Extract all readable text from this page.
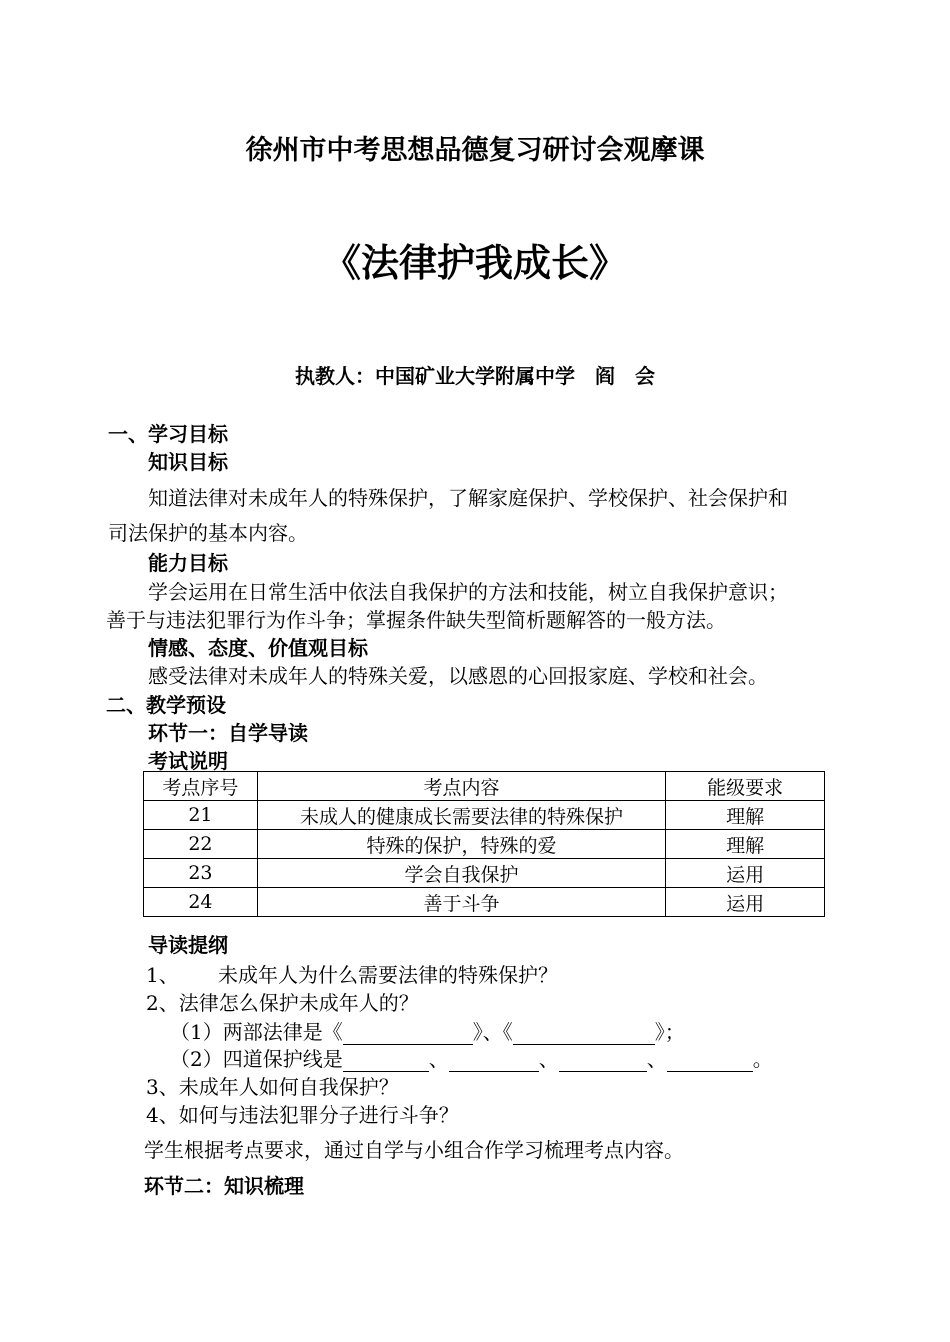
徐州市中考思想品德复习研讨会观摩课
《法律护我成长》
执教人：中国矿业大学附属中学　阎　会
一、学习目标
知识目标
知道法律对未成年人的特殊保护，了解家庭保护、学校保护、社会保护和
司法保护的基本内容。
能力目标
学会运用在日常生活中依法自我保护的方法和技能，树立自我保护意识；
善于与违法犯罪行为作斗争；掌握条件缺失型简析题解答的一般方法。
情感、态度、价值观目标
感受法律对未成年人的特殊关爱，以感恩的心回报家庭、学校和社会。
二、教学预设
环节一：自学导读
考试说明
考点序号	考点内容	能级要求
21	未成人的健康成长需要法律的特殊保护	理解
22	特殊的保护，特殊的爱	理解
23	学会自我保护	运用
24	善于斗争	运用
导读提纲
1、 未成年人为什么需要法律的特殊保护？
2、法律怎么保护未成年人的？
（1）两部法律是《	》、《	》；
（2）四道保护线是	、	、	、	。
3、未成年人如何自我保护？
4、如何与违法犯罪分子进行斗争？
学生根据考点要求，通过自学与小组合作学习梳理考点内容。
环节二：知识梳理
